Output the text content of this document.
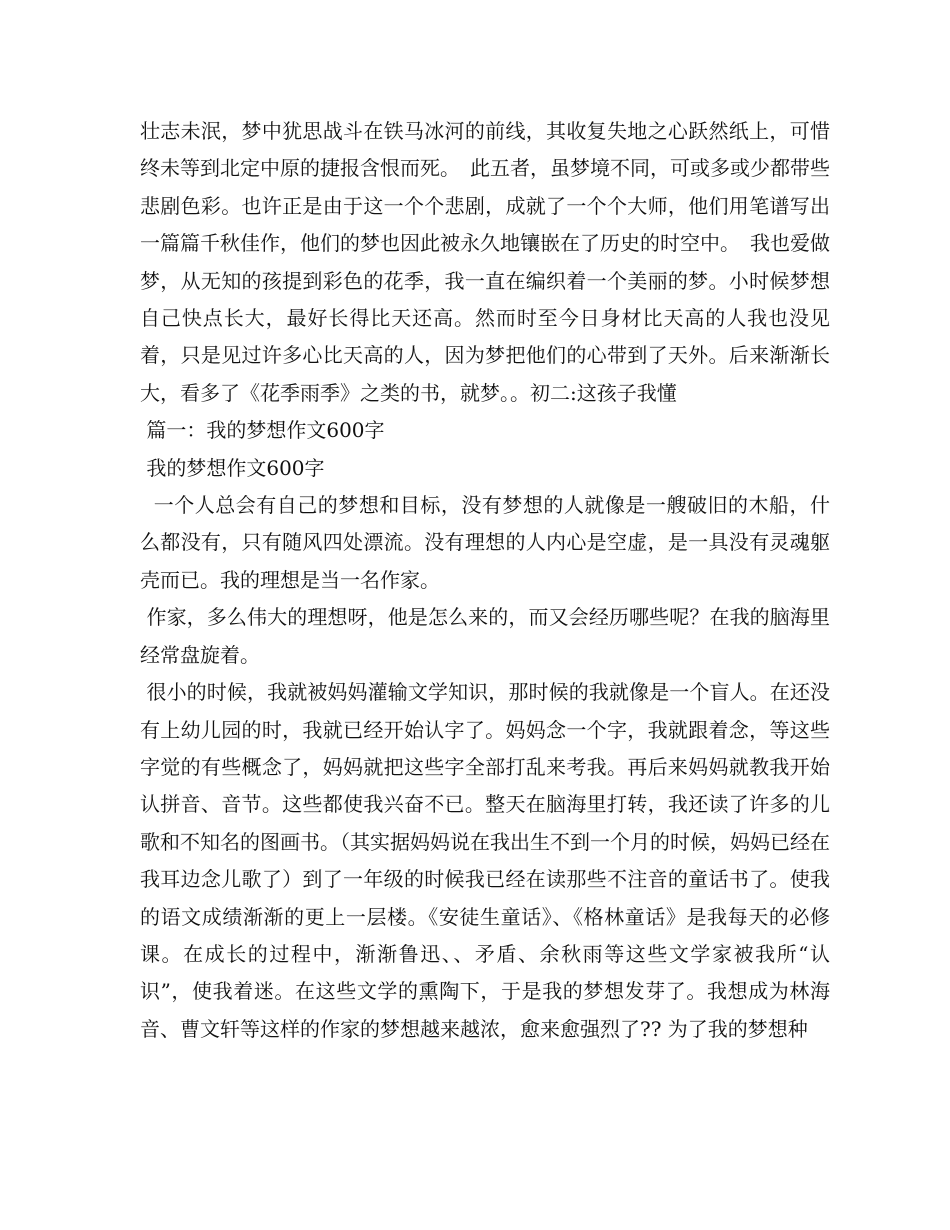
壮志未泯，梦中犹思战斗在铁马冰河的前线，其收复失地之心跃然纸上，可惜终未等到北定中原的捷报含恨而死。　此五者，虽梦境不同，可或多或少都带些悲剧色彩。也许正是由于这一个个悲剧，成就了一个个大师，他们用笔谱写出一篇篇千秋佳作，他们的梦也因此被永久地镶嵌在了历史的时空中。　我也爱做梦，从无知的孩提到彩色的花季，我一直在编织着一个美丽的梦。小时候梦想自己快点长大，最好长得比天还高。然而时至今日身材比天高的人我也没见着，只是见过许多心比天高的人，因为梦把他们的心带到了天外。后来渐渐长大，看多了《花季雨季》之类的书，就梦。。初二:这孩子我懂

篇一：我的梦想作文600字

我的梦想作文600字

一个人总会有自己的梦想和目标，没有梦想的人就像是一艘破旧的木船，什么都没有，只有随风四处漂流。没有理想的人内心是空虚，是一具没有灵魂躯壳而已。我的理想是当一名作家。

作家，多么伟大的理想呀，他是怎么来的，而又会经历哪些呢？在我的脑海里经常盘旋着。

很小的时候，我就被妈妈灌输文学知识，那时候的我就像是一个盲人。在还没有上幼儿园的时，我就已经开始认字了。妈妈念一个字，我就跟着念，等这些字觉的有些概念了，妈妈就把这些字全部打乱来考我。再后来妈妈就教我开始认拼音、音节。这些都使我兴奋不已。整天在脑海里打转，我还读了许多的儿歌和不知名的图画书。（其实据妈妈说在我出生不到一个月的时候，妈妈已经在我耳边念儿歌了）到了一年级的时候我已经在读那些不注音的童话书了。使我的语文成绩渐渐的更上一层楼。《安徒生童话》、《格林童话》是我每天的必修课。在成长的过程中，渐渐鲁迅、、矛盾、余秋雨等这些文学家被我所“认识”，使我着迷。在这些文学的熏陶下，于是我的梦想发芽了。我想成为林海音、曹文轩等这样的作家的梦想越来越浓，愈来愈强烈了?? 为了我的梦想种
